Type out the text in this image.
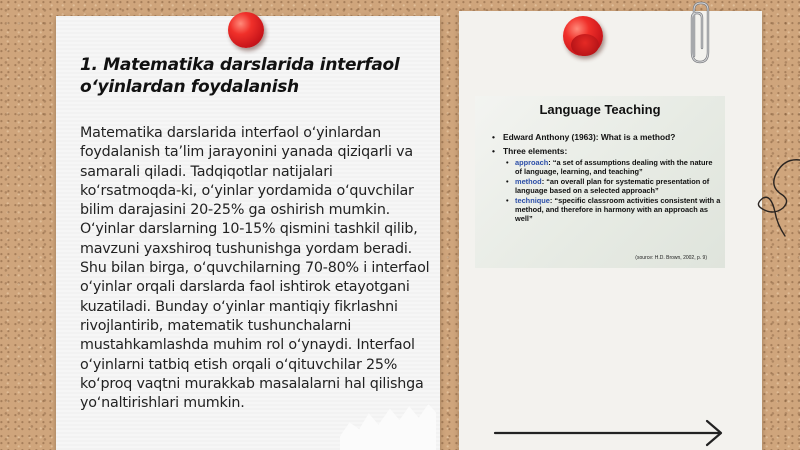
1. Matematika darslarida interfaol o‘yinlardan foydalanish

Matematika darslarida interfaol o‘yinlardan foydalanish ta’lim jarayonini yanada qiziqarli va samarali qiladi. Tadqiqotlar natijalari ko‘rsatmoqda-ki, o‘yinlar yordamida o‘quvchilar bilim darajasini 20-25% ga oshirish mumkin. O‘yinlar darslarning 10-15% qismini tashkil qilib, mavzuni yaxshiroq tushunishga yordam beradi. Shu bilan birga, o‘quvchilarning 70-80% i interfaol o‘yinlar orqali darslarda faol ishtirok etayotgani kuzatiladi. Bunday o‘yinlar mantiqiy fikrlashni rivojlantirib, matematik tushunchalarni mustahkamlashda muhim rol o‘ynaydi. Interfaol o‘yinlarni tatbiq etish orqali o‘qituvchilar 25% ko‘proq vaqtni murakkab masalalarni hal qilishga yo‘naltirishlari mumkin.

Language Teaching
• Edward Anthony (1963): What is a method?
• Three elements:
• approach: “a set of assumptions dealing with the nature of language, learning, and teaching”
• method: “an overall plan for systematic presentation of language based on a selected approach”
• technique: “specific classroom activities consistent with a method, and therefore in harmony with an approach as well”
(source: H.D. Brown, 2002, p. 9)
